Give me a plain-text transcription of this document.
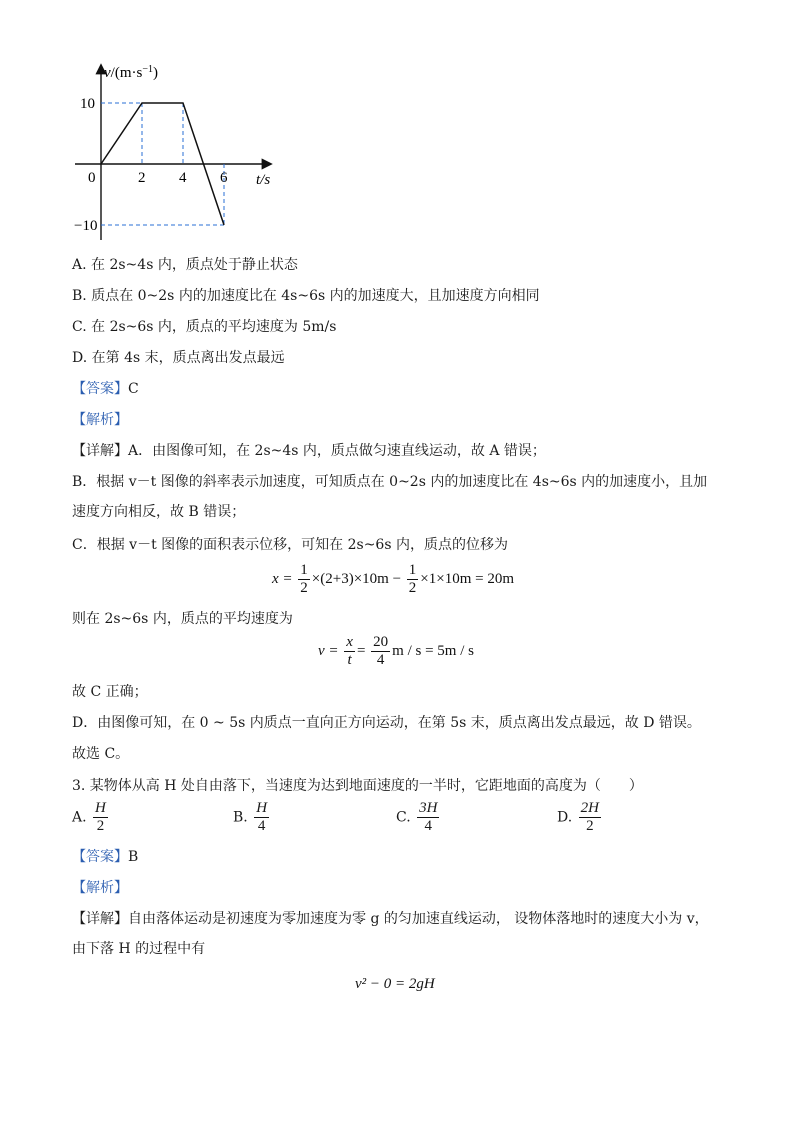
$v/(m\cdot s^{-1})$
t/s
0	2 4 6
10
−10
A. 在 2s~4s 内，质点处于静止状态
B. 质点在 0~2s 内的加速度比在 4s~6s 内的加速度大，且加速度方向相同
C. 在 2s~6s 内，质点的平均速度为 5m/s
D. 在第 4s 末，质点离出发点最远
【答案】C
【解析】
【详解】A．由图像可知，在 2s~4s 内，质点做匀速直线运动，故 A 错误；
B．根据 v－t 图像的斜率表示加速度，可知质点在 0~2s 内的加速度比在 4s~6s 内的加速度小，且加速度方向相反，故 B 错误；
C．根据 v－t 图像的面积表示位移，可知在 2s~6s 内，质点的位移为
$x = \frac{1}{2} \times(2+3)\times 10m - \frac{1}{2} \times 1\times 10m = 20m$
则在 2s~6s 内，质点的平均速度为
$v = \frac{x}{t} = \frac{20}{4}$ m / s = 5m / s
故 C 正确；
D．由图像可知，在 0 ~ 5s 内质点一直向正方向运动，在第 5s 末，质点离出发点最远，故 D 错误。
故选 C。
3. 某物体从高 H 处自由落下，当速度为达到地面速度的一半时，它距地面的高度为（　　）
A. $\frac{H}{2}$	B. $\frac{H}{4}$	C. $\frac{3H}{4}$	D. $\frac{2H}{2}$
【答案】B
【解析】
【详解】自由落体运动是初速度为零加速度为零 g 的匀加速直线运动， 设物体落地时的速度大小为 v，由下落 H 的过程中有
v² − 0 = 2gH
